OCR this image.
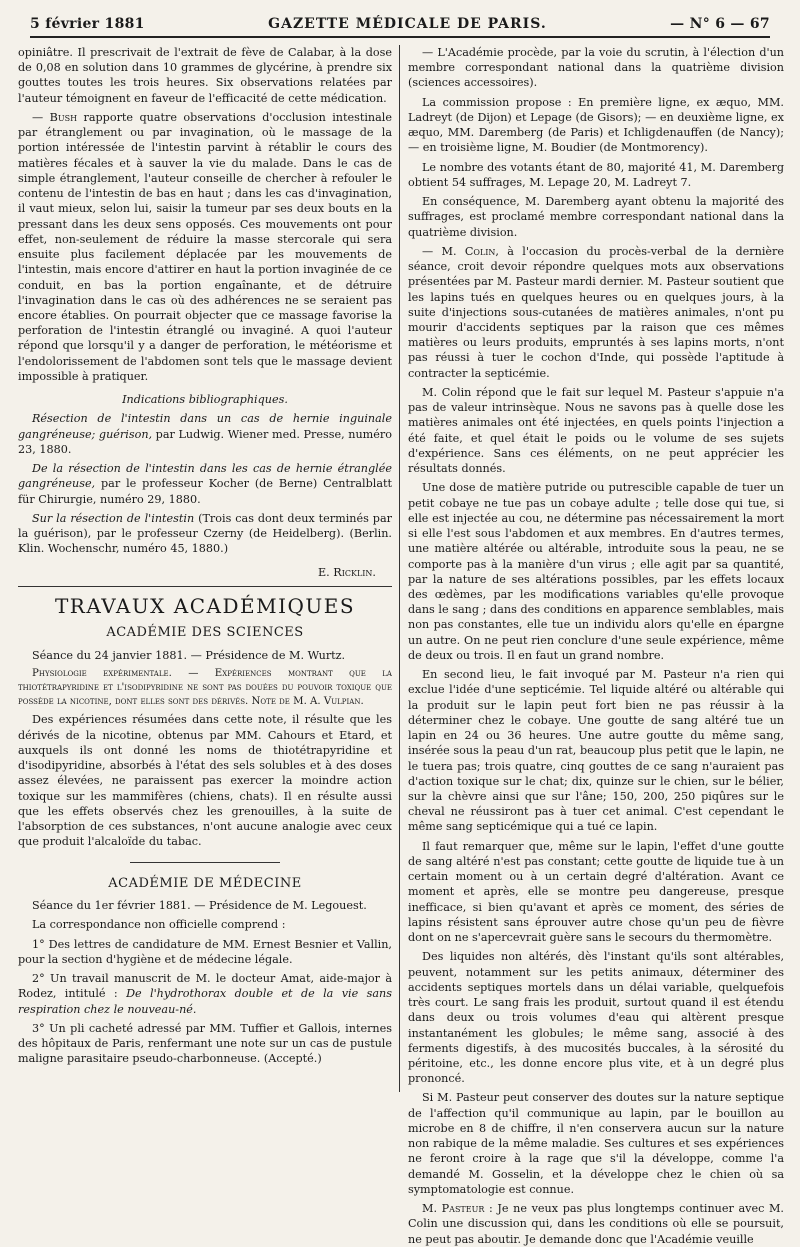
5 février 1881	GAZETTE MÉDICALE DE PARIS.	— N° 6 — 67

opiniâtre. Il prescrivait de l'extrait de fève de Calabar, à la dose de 0,08 en solution dans 10 grammes de glycérine, à prendre six gouttes toutes les trois heures. Six observations relatées par l'auteur témoignent en faveur de l'efficacité de cette médication.

— Bush rapporte quatre observations d'occlusion intestinale par étranglement ou par invagination, où le massage de la portion intéressée de l'intestin parvint à rétablir le cours des matières fécales et à sauver la vie du malade. Dans le cas de simple étranglement, l'auteur conseille de chercher à refouler le contenu de l'intestin de bas en haut ; dans les cas d'invagination, il vaut mieux, selon lui, saisir la tumeur par ses deux bouts en la pressant dans les deux sens opposés. Ces mouvements ont pour effet, non-seulement de réduire la masse stercorale qui sera ensuite plus facilement déplacée par les mouvements de l'intestin, mais encore d'attirer en haut la portion invaginée de ce conduit, en bas la portion engaînante, et de détruire l'invagination dans le cas où des adhérences ne se seraient pas encore établies. On pourrait objecter que ce massage favorise la perforation de l'intestin étranglé ou invaginé. A quoi l'auteur répond que lorsqu'il y a danger de perforation, le météorisme et l'endolorissement de l'abdomen sont tels que le massage devient impossible à pratiquer.

Indications bibliographiques.

Résection de l'intestin dans un cas de hernie inguinale gangréneuse; guérison, par Ludwig. Wiener med. Presse, numéro 23, 1880.

De la résection de l'intestin dans les cas de hernie étranglée gangréneuse, par le professeur Kocher (de Berne) Centralblatt für Chirurgie, numéro 29, 1880.

Sur la résection de l'intestin (Trois cas dont deux terminés par la guérison), par le professeur Czerny (de Heidelberg). (Berlin. Klin. Wochenschr, numéro 45, 1880.)

E. Ricklin.

TRAVAUX ACADÉMIQUES

ACADÉMIE DES SCIENCES

Séance du 24 janvier 1881. — Présidence de M. Wurtz.

Physiologie expérimentale. — Expériences montrant que la thiotétrapyridine et l'isodipyridine ne sont pas douées du pouvoir toxique que possède la nicotine, dont elles sont des dérivés. Note de M. A. Vulpian.

Des expériences résumées dans cette note, il résulte que les dérivés de la nicotine, obtenus par MM. Cahours et Etard, et auxquels ils ont donné les noms de thiotétrapyridine et d'isodipyridine, absorbés à l'état des sels solubles et à des doses assez élevées, ne paraissent pas exercer la moindre action toxique sur les mammifères (chiens, chats). Il en résulte aussi que les effets observés chez les grenouilles, à la suite de l'absorption de ces substances, n'ont aucune analogie avec ceux que produit l'alcaloïde du tabac.

ACADÉMIE DE MÉDECINE

Séance du 1er février 1881. — Présidence de M. Legouest.

La correspondance non officielle comprend :

1° Des lettres de candidature de MM. Ernest Besnier et Vallin, pour la section d'hygiène et de médecine légale.

2° Un travail manuscrit de M. le docteur Amat, aide-major à Rodez, intitulé : De l'hydrothorax double et de la vie sans respiration chez le nouveau-né.

3° Un pli cacheté adressé par MM. Tuffier et Gallois, internes des hôpitaux de Paris, renfermant une note sur un cas de pustule maligne parasitaire pseudo-charbonneuse. (Accepté.)

— L'Académie procède, par la voie du scrutin, à l'élection d'un membre correspondant national dans la quatrième division (sciences accessoires).

La commission propose : En première ligne, ex æquo, MM. Ladreyt (de Dijon) et Lepage (de Gisors); — en deuxième ligne, ex æquo, MM. Daremberg (de Paris) et Ichligdenauffen (de Nancy); — en troisième ligne, M. Boudier (de Montmorency).

Le nombre des votants étant de 80, majorité 41, M. Daremberg obtient 54 suffrages, M. Lepage 20, M. Ladreyt 7.

En conséquence, M. Daremberg ayant obtenu la majorité des suffrages, est proclamé membre correspondant national dans la quatrième division.

— M. Colin, à l'occasion du procès-verbal de la dernière séance, croit devoir répondre quelques mots aux observations présentées par M. Pasteur mardi dernier. M. Pasteur soutient que les lapins tués en quelques heures ou en quelques jours, à la suite d'injections sous-cutanées de matières animales, n'ont pu mourir d'accidents septiques par la raison que ces mêmes matières ou leurs produits, empruntés à ses lapins morts, n'ont pas réussi à tuer le cochon d'Inde, qui possède l'aptitude à contracter la septicémie.

M. Colin répond que le fait sur lequel M. Pasteur s'appuie n'a pas de valeur intrinsèque. Nous ne savons pas à quelle dose les matières animales ont été injectées, en quels points l'injection a été faite, et quel était le poids ou le volume de ses sujets d'expérience. Sans ces éléments, on ne peut apprécier les résultats donnés.

Une dose de matière putride ou putrescible capable de tuer un petit cobaye ne tue pas un cobaye adulte ; telle dose qui tue, si elle est injectée au cou, ne détermine pas nécessairement la mort si elle l'est sous l'abdomen et aux membres. En d'autres termes, une matière altérée ou altérable, introduite sous la peau, ne se comporte pas à la manière d'un virus ; elle agit par sa quantité, par la nature de ses altérations possibles, par les effets locaux des œdèmes, par les modifications variables qu'elle provoque dans le sang ; dans des conditions en apparence semblables, mais non pas constantes, elle tue un individu alors qu'elle en épargne un autre. On ne peut rien conclure d'une seule expérience, même de deux ou trois. Il en faut un grand nombre.

En second lieu, le fait invoqué par M. Pasteur n'a rien qui exclue l'idée d'une septicémie. Tel liquide altéré ou altérable qui la produit sur le lapin peut fort bien ne pas réussir à la déterminer chez le cobaye. Une goutte de sang altéré tue un lapin en 24 ou 36 heures. Une autre goutte du même sang, insérée sous la peau d'un rat, beaucoup plus petit que le lapin, ne le tuera pas; trois quatre, cinq gouttes de ce sang n'auraient pas d'action toxique sur le chat; dix, quinze sur le chien, sur le bélier, sur la chèvre ainsi que sur l'âne; 150, 200, 250 piqûres sur le cheval ne réussiront pas à tuer cet animal. C'est cependant le même sang septicémique qui a tué ce lapin.

Il faut remarquer que, même sur le lapin, l'effet d'une goutte de sang altéré n'est pas constant; cette goutte de liquide tue à un certain moment ou à un certain degré d'altération. Avant ce moment et après, elle se montre peu dangereuse, presque inefficace, si bien qu'avant et après ce moment, des séries de lapins résistent sans éprouver autre chose qu'un peu de fièvre dont on ne s'apercevrait guère sans le secours du thermomètre.

Des liquides non altérés, dès l'instant qu'ils sont altérables, peuvent, notamment sur les petits animaux, déterminer des accidents septiques mortels dans un délai variable, quelquefois très court. Le sang frais les produit, surtout quand il est étendu dans deux ou trois volumes d'eau qui altèrent presque instantanément les globules; le même sang, associé à des ferments digestifs, à des mucosités buccales, à la sérosité du péritoine, etc., les donne encore plus vite, et à un degré plus prononcé.

Si M. Pasteur peut conserver des doutes sur la nature septique de l'affection qu'il communique au lapin, par le bouillon au microbe en 8 de chiffre, il n'en conservera aucun sur la nature non rabique de la même maladie. Ses cultures et ses expériences ne feront croire à la rage que s'il la développe, comme l'a demandé M. Gosselin, et la développe chez le chien où sa symptomatologie est connue.

M. Pasteur : Je ne veux pas plus longtemps continuer avec M. Colin une discussion qui, dans les conditions où elle se poursuit, ne peut pas aboutir. Je demande donc que l'Académie veuille
